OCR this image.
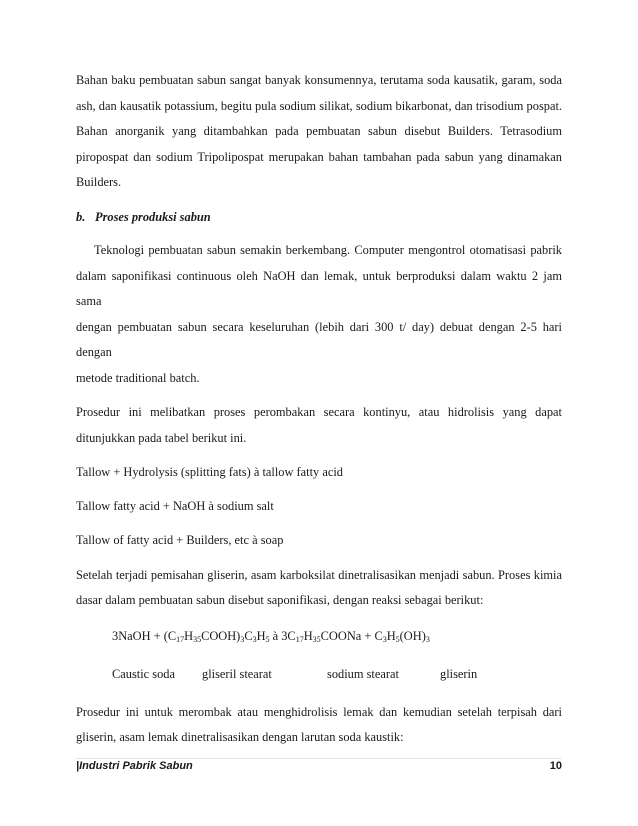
Bahan baku pembuatan sabun sangat banyak konsumennya, terutama soda kausatik, garam, soda

ash, dan kausatik potassium, begitu pula sodium silikat, sodium bikarbonat, dan trisodium pospat.

Bahan anorganik yang ditambahkan pada pembuatan sabun disebut Builders. Tetrasodium

piropospat dan sodium Tripolipospat merupakan bahan tambahan pada sabun yang dinamakan

Builders.

b. Proses produksi sabun

Teknologi pembuatan sabun semakin berkembang. Computer mengontrol otomatisasi pabrik

dalam saponifikasi continuous oleh NaOH dan lemak, untuk berproduksi dalam waktu 2 jam sama

dengan pembuatan sabun secara keseluruhan (lebih dari 300 t/ day) debuat dengan 2-5 hari dengan

metode traditional batch.

Prosedur ini melibatkan proses perombakan secara kontinyu, atau hidrolisis yang dapat

ditunjukkan pada tabel berikut ini.

Tallow + Hydrolysis (splitting fats) à tallow fatty acid

Tallow fatty acid + NaOH à sodium salt

Tallow of fatty acid + Builders, etc à soap

Setelah terjadi pemisahan gliserin, asam karboksilat dinetralisasikan menjadi sabun. Proses kimia

dasar dalam pembuatan sabun disebut saponifikasi, dengan reaksi sebagai berikut:

3NaOH + $(C_{17}H_{35}COOH)_3C_3H_5$ à $3C_{17}H_{35}COONa + C_3H_5(OH)_3$

Caustic soda gliseril stearat	sodium stearat	gliserin

Prosedur ini untuk merombak atau menghidrolisis lemak dan kemudian setelah terpisah dari

gliserin, asam lemak dinetralisasikan dengan larutan soda kaustik:

|Industri Pabrik Sabun	10
